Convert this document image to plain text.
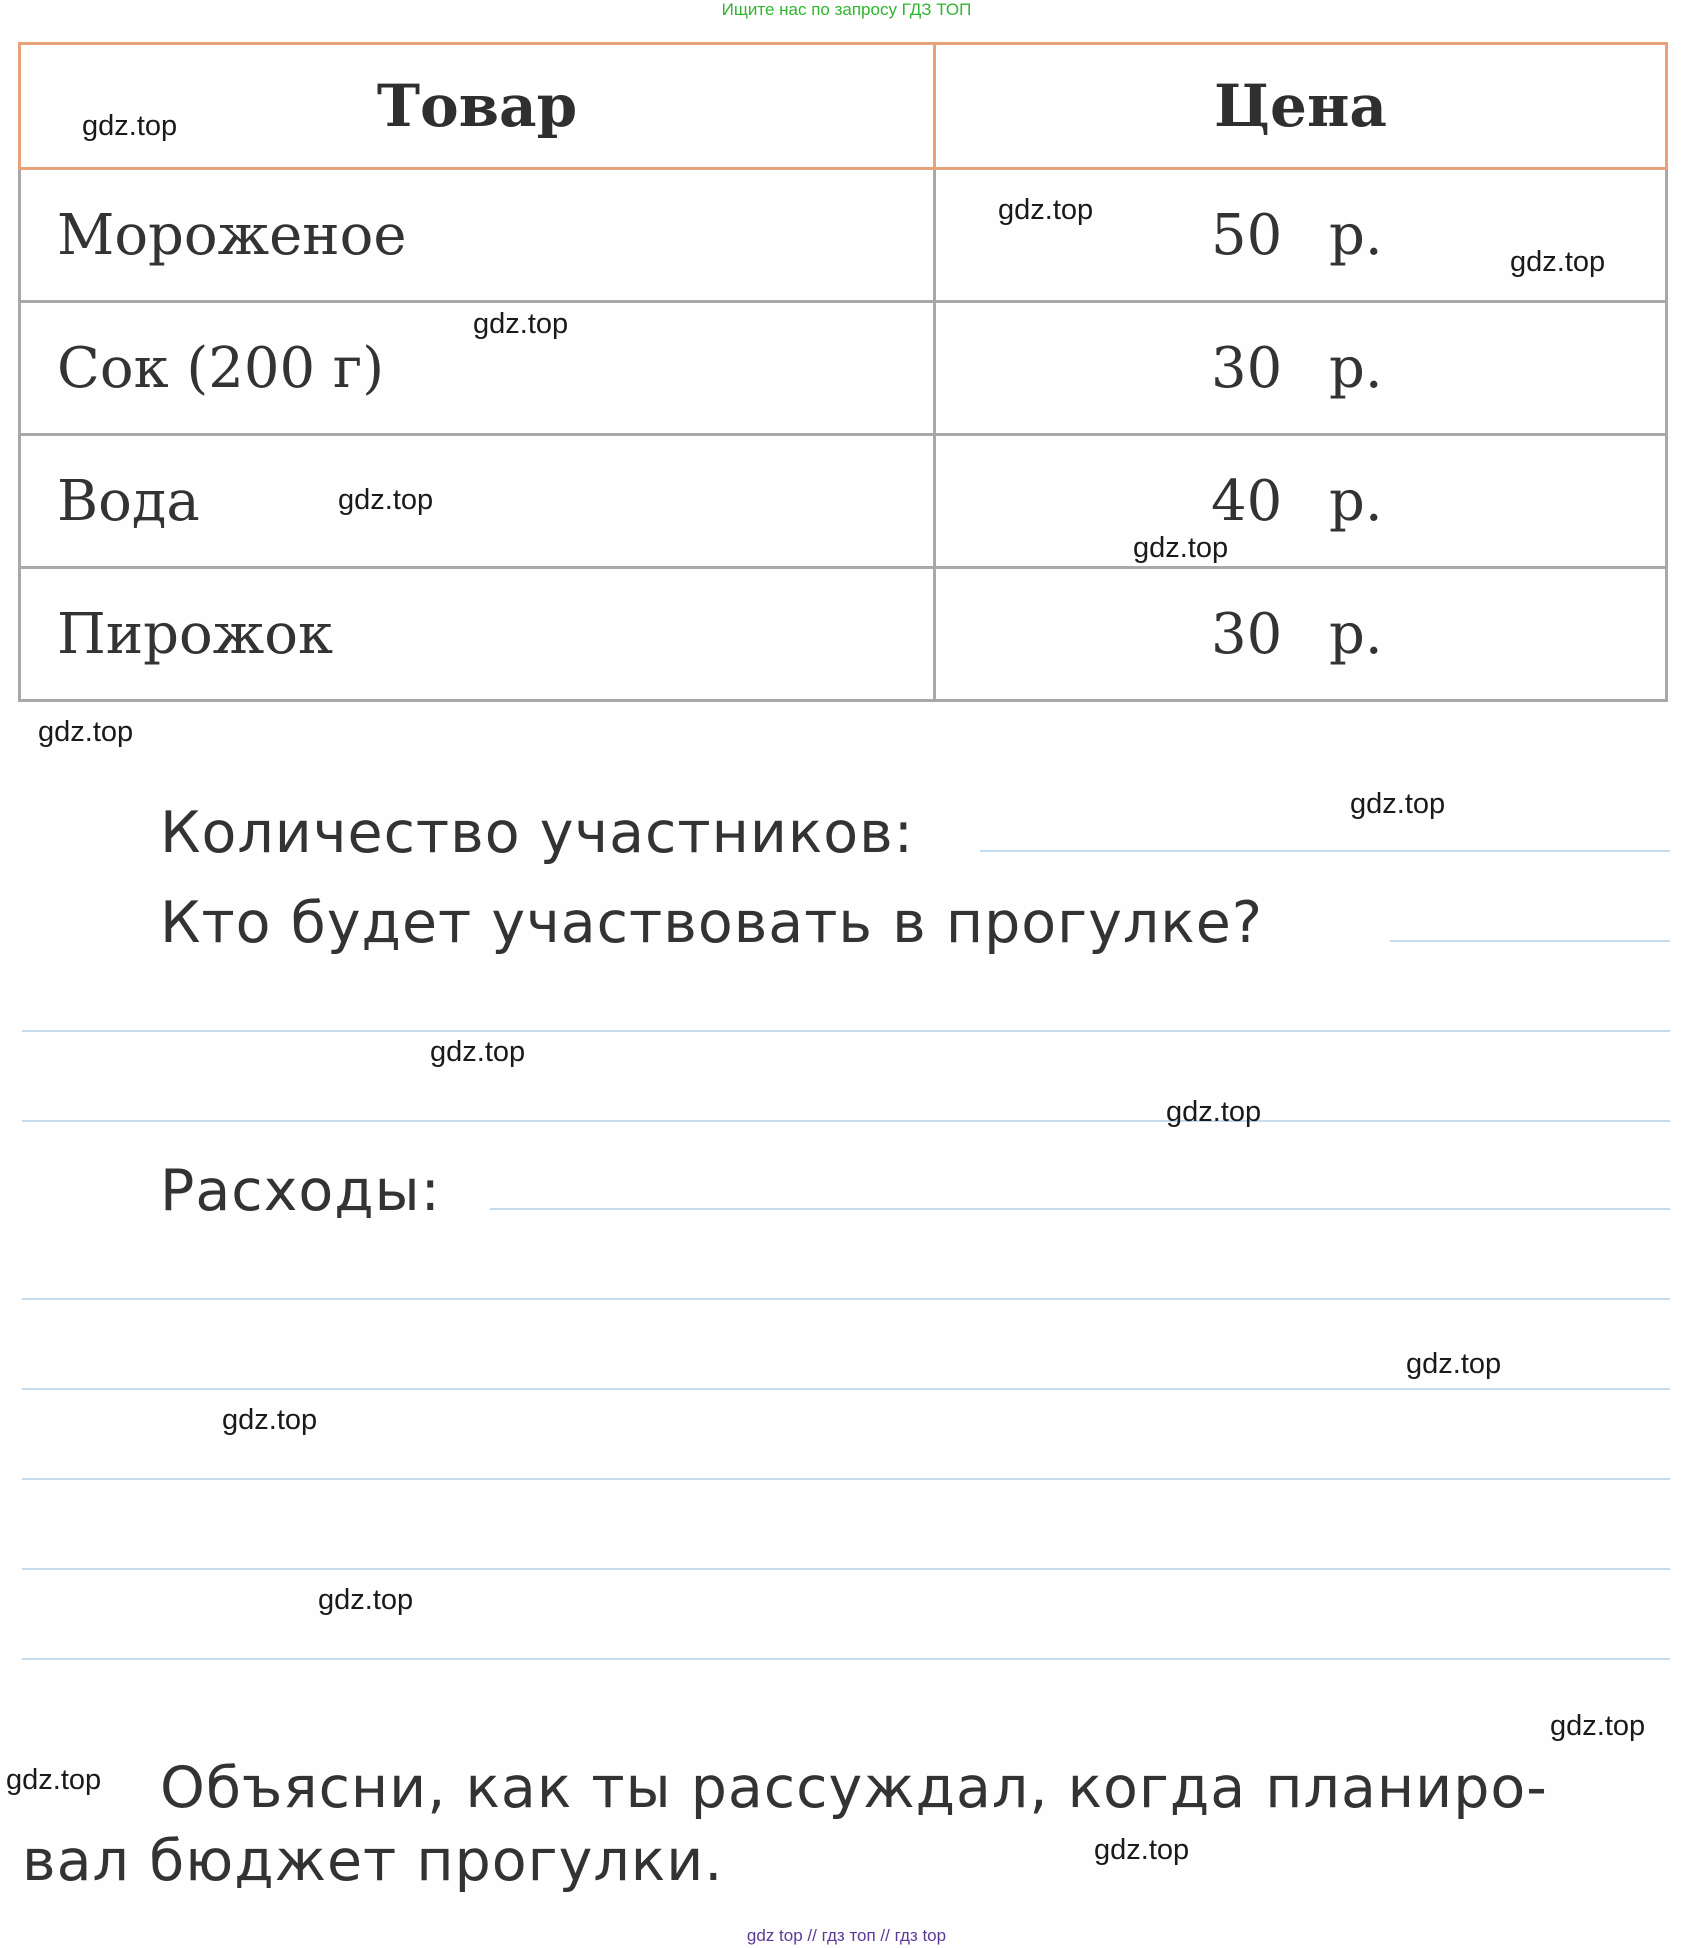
Ищите нас по запросу ГДЗ ТОП
Товар	Цена
Мороженое	50 р.
Сок (200 г)	30 р.
Вода	40 р.
Пирожок	30 р.
Количество участников:
Кто будет участвовать в прогулке?
Расходы:
Объясни, как ты рассуждал, когда планиро-
вал бюджет прогулки.
gdz.top
gdz.top
gdz.top
gdz.top
gdz.top
gdz.top
gdz.top
gdz.top
gdz.top
gdz.top
gdz.top
gdz.top
gdz.top
gdz.top
gdz.top
gdz.top
gdz top // гдз топ // гдз top
